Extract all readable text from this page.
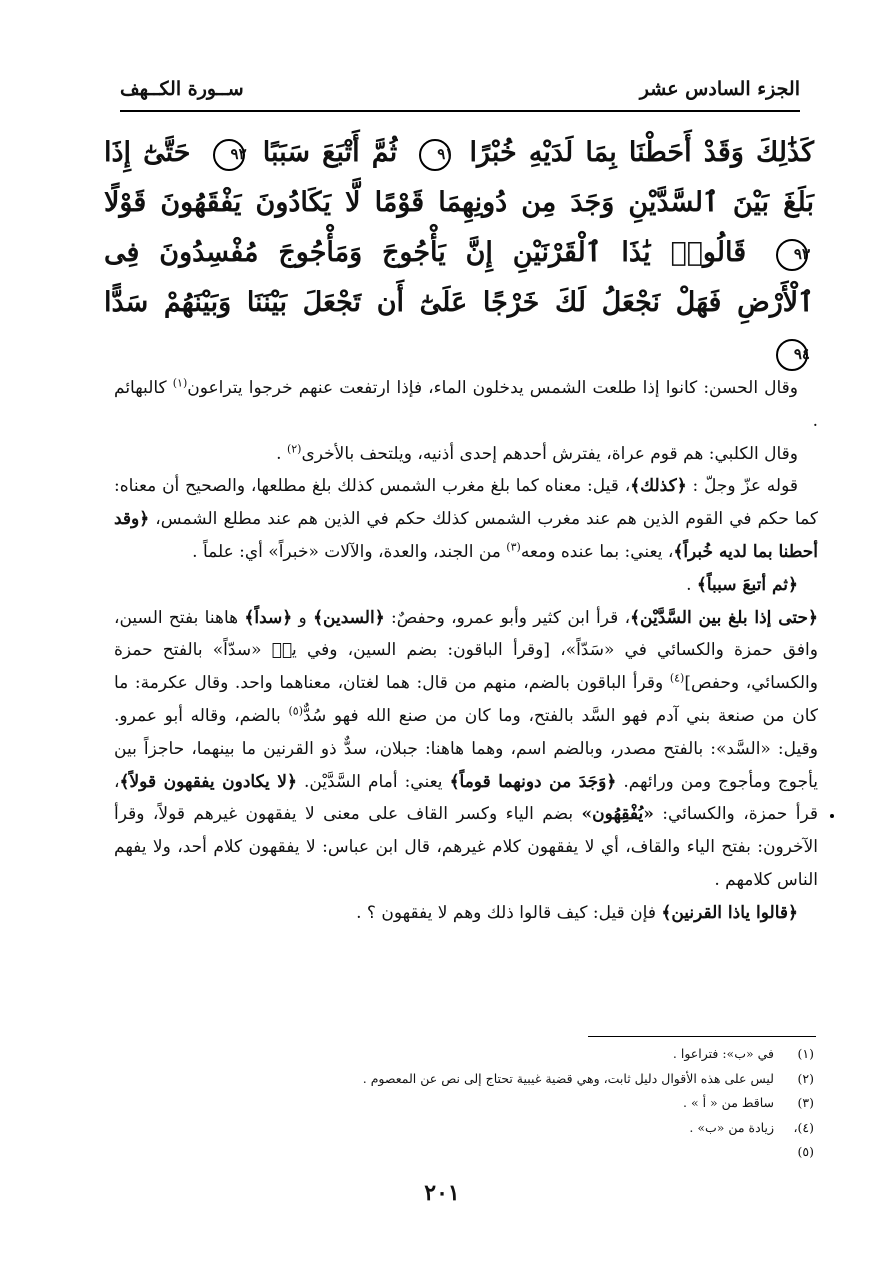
الجزء السادس عشر
ســورة الكــهف
كَذَٰلِكَ وَقَدْ أَحَطْنَا بِمَا لَدَيْهِ خُبْرًا ٩١ ثُمَّ أَتْبَعَ سَبَبًا ٩٢ حَتَّىٰٓ إِذَا بَلَغَ بَيْنَ ٱلسَّدَّيْنِ وَجَدَ مِن دُونِهِمَا قَوْمًا لَّا يَكَادُونَ يَفْقَهُونَ قَوْلًا ٩٣ قَالُوا۟ يَٰذَا ٱلْقَرْنَيْنِ إِنَّ يَأْجُوجَ وَمَأْجُوجَ مُفْسِدُونَ فِى ٱلْأَرْضِ فَهَلْ نَجْعَلُ لَكَ خَرْجًا عَلَىٰٓ أَن تَجْعَلَ بَيْنَنَا وَبَيْنَهُمْ سَدًّا ٩٤

وقال الحسن: كانوا إذا طلعت الشمس يدخلون الماء، فإذا ارتفعت عنهم خرجوا يتراعون$^{(١)}$ كالبهائم .

وقال الكلبي: هم قوم عراة، يفترش أحدهم إحدى أذنيه، ويلتحف بالأخرى$^{(٢)}$ .

قوله عزّ وجلّ : ﴿كذلك﴾، قيل: معناه كما بلغ مغرب الشمس كذلك بلغ مطلعها، والصحيح أن معناه: كما حكم في القوم الذين هم عند مغرب الشمس كذلك حكم في الذين هم عند مطلع الشمس، ﴿وقد أحطنا بما لديه خُبراً﴾، يعني: بما عنده ومعه$^{(٣)}$ من الجند، والعدة، والآلات «خبراً» أي: علماً .

﴿ثم أتبعَ سبباً﴾ .

﴿حتى إذا بلغ بين السَّدَّيْن﴾، قرأ ابن كثير وأبو عمرو، وحفصٌ: ﴿السدين﴾ و ﴿سداً﴾ هاهنا بفتح السين، وافق حمزة والكسائي في «سَدّاً»، [وقرأ الباقون: بضم السين، وفي يسۤ «سدّاً» بالفتح حمزة والكسائي، وحفص]$^{(٤)}$ وقرأ الباقون بالضم، منهم من قال: هما لغتان، معناهما واحد. وقال عكرمة: ما كان من صنعة بني آدم فهو السَّد بالفتح، وما كان من صنع الله فهو سُدٌّ$^{(٥)}$ بالضم، وقاله أبو عمرو. وقيل: «السَّد»: بالفتح مصدر، وبالضم اسم، وهما هاهنا: جبلان، سدٌّ ذو القرنين ما بينهما، حاجزاً بين يأجوج ومأجوج ومن ورائهم. ﴿وَجَدَ من دونهما قوماً﴾ يعني: أمام السَّدَّيْن. ﴿لا يكادون يفقهون قولاً﴾، قرأ حمزة، والكسائي: «يُفْقِهُون» بضم الياء وكسر القاف على معنى لا يفقهون غيرهم قولاً، وقرأ الآخرون: بفتح الياء والقاف، أي لا يفقهون كلام غيرهم، قال ابن عباس: لا يفقهون كلام أحد، ولا يفهم الناس كلامهم .

﴿قالوا ياذا القرنين﴾ فإن قيل: كيف قالوا ذلك وهم لا يفقهون ؟ .

(١)
في «ب»: فتراعوا .
(٢)
ليس على هذه الأقوال دليل ثابت، وهي قضية غيبية تحتاج إلى نص عن المعصوم .
(٣)
ساقط من « أ » .
(٤)، (٥)
زيادة من «ب» .
٢٠١
